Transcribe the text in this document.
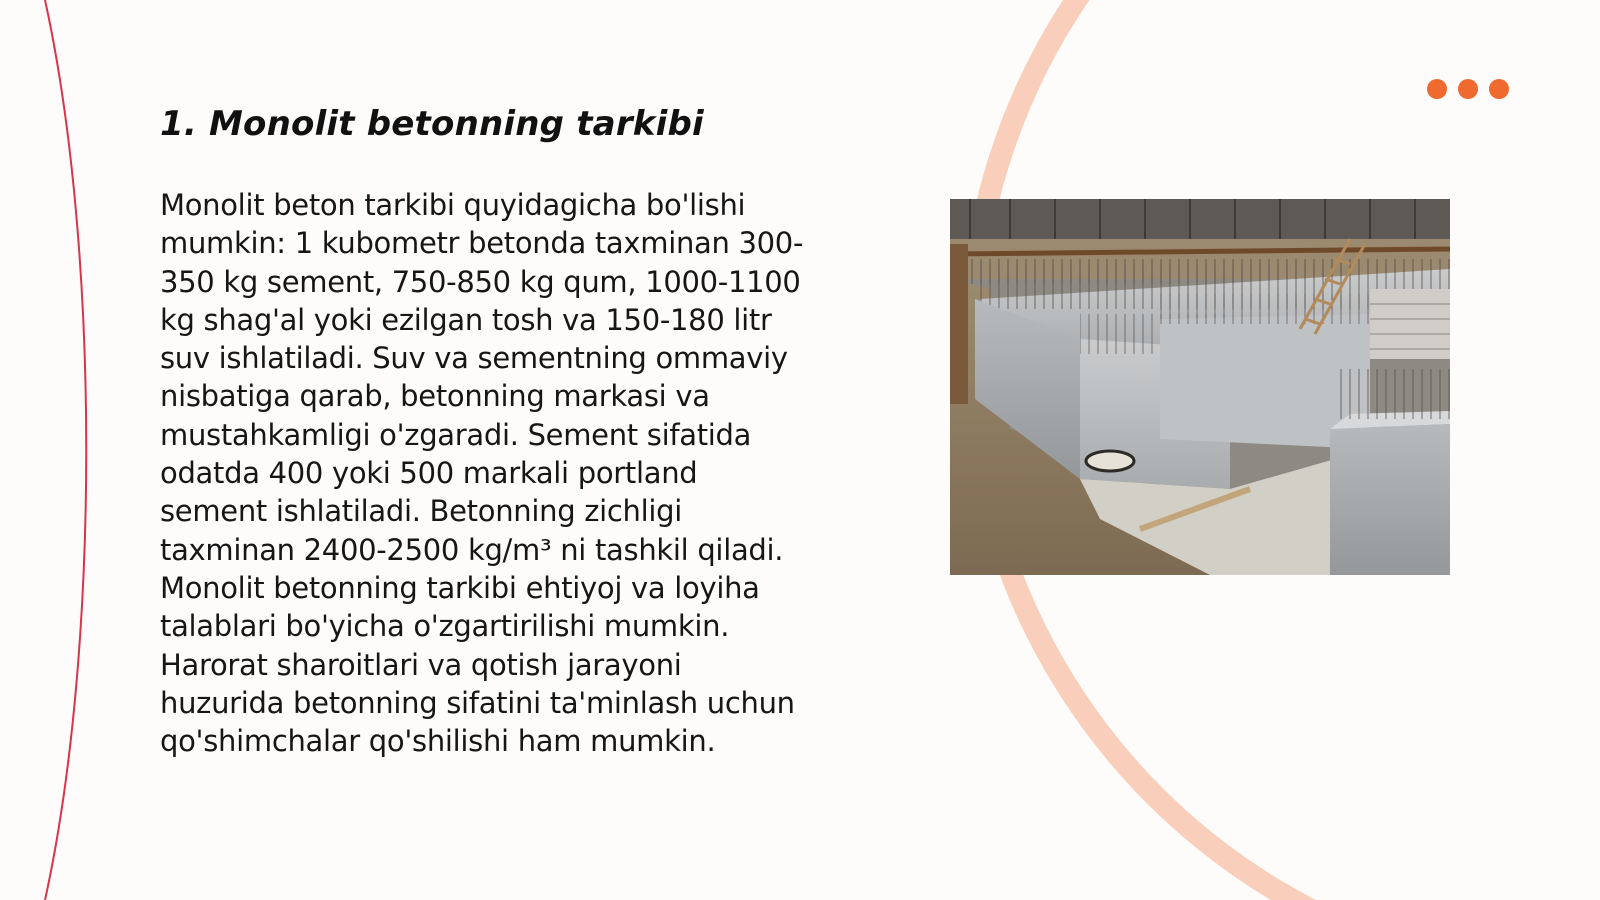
1. Monolit betonning tarkibi
Monolit beton tarkibi quyidagicha bo'lishi
mumkin: 1 kubometr betonda taxminan 300-
350 kg sement, 750-850 kg qum, 1000-1100
kg shag'al yoki ezilgan tosh va 150-180 litr
suv ishlatiladi. Suv va sementning ommaviy
nisbatiga qarab, betonning markasi va
mustahkamligi o'zgaradi. Sement sifatida
odatda 400 yoki 500 markali portland
sement ishlatiladi. Betonning zichligi
taxminan 2400-2500 kg/m³ ni tashkil qiladi.
Monolit betonning tarkibi ehtiyoj va loyiha
talablari bo'yicha o'zgartirilishi mumkin.
Harorat sharoitlari va qotish jarayoni
huzurida betonning sifatini ta'minlash uchun
qo'shimchalar qo'shilishi ham mumkin.
